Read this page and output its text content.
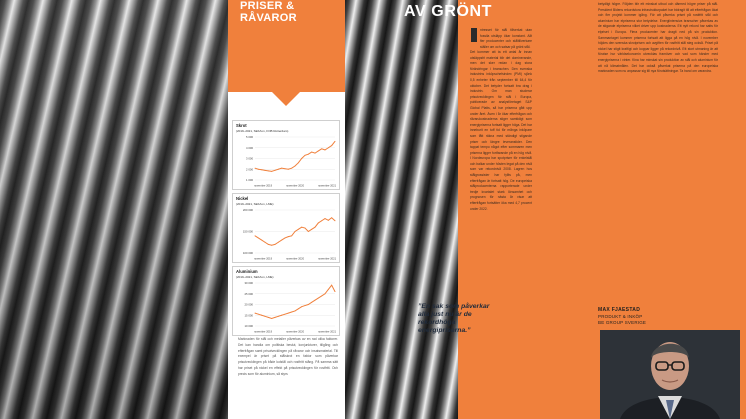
PRISER &
RÅVAROR
Skrot
(2019–2021, SEK/ton, FOB Rotterdam)
5 000
4 000
3 000
2 000
1 000
november 2019	november 2020	november 2021
Nickel
(2019–2021, SEK/ton, LME)
200 000
150 000
100 000
november 2019	november 2020	november 2021
Aluminium
(2019–2021, SEK/ton, LME)
30 000
25 000
20 000
15 000
10 000
november 2019	november 2020	november 2021
Marknaden för stål och metaller påverkas av en rad olika faktorer. Det kan handla om politiska beslut, konjunkturer, tillgång och efterfrågan samt prisutvecklingen på råvaror och insatsmaterial. Till exempel är priset på stålskrot en faktor som påverkar prisutvecklingen på både kolstål och rostfritt stång. På samma sätt har priset på nickel en effekt på prisutvecklingen för rostfritt. Och precis som för aluminium, så styrs
AV GRÖNT
ntresset för stål tillverkat utan fossila utsläpp ökar konstant. Allt fler producenter och ståltillverkare ställer om och satsar på grönt stål.
Det kommer att ta ett antal år innan utsläppsfri material blir det dominerande, men det sker redan i dag stora förändringar i branschen. Den svenska industrins inköpschefsindex (PMI) sjönk 0,5 enheter från september till 64,4 för oktober. Det betyder fortsatt bra drag i industrin. Om man studerar prisutvecklingen för stål i Europa, publicerade av analysföretaget S&P Global Platts, så har priserna gått upp under året. Även i år ökar efterfrågan och råvarukostnaderna stiger samtidigt som energipriserna fortsatt ligger höga. Det har inneburit en tuff tid för många inköpare som fått räkna med ständigt stigande priser och längre leveranstider. Den tappat tempo något efter sommaren men priserna ligger fortfarande på en hög nivå. I Nordeuropa har spotpriser för enkelstål och balkar under hösten legat på den nivå som var rekordnivå 2008. Lagren hos stålgrossister har fyllts på, men efterfrågan är fortsatt hög. De europeiska stålproducenterna rapporterade under tredje kvartalet stark lönsamhet och prognosen för nästa år visar att efterfrågan fortsätter öka med 4,7 procent under 2022.
betydligt högre. Följden blir ett minskat utbud och därmed högre priser på stål. President Bidens rekordstora infrastrukturpaket har bidragit till att efterfrågan ökat och fler projekt kommer igång. För att påverka priset på rostfritt stål och aluminium har elpriserna stor betydelse. Energiintensiva branscher påverkas av de stigande elpriserna vilket driver upp kostnaderna. Ett nytt rekord har satts för elpriset i Europa. Flera producenter har dragit ned på sin produktion. Sammantaget kommer priserna fortsatt att ligga på en hög nivå. I november höjdes den svenska skrotprisen och avgiften för rostfritt stål steg också. Priset på nickel har stigit kraftigt och koppar ligger på rekordnivå. Ett stort utmaning är att förutse hur världsekonomin utvecklas framöver och vad som händer med energipriserna i vinter. Kina har minskat sin produktion av stål och aluminium för att nå klimatmålen. Det har också påverkat priserna på den europeiska marknaden som nu anpassar sig till nya förutsättningar. Ta hand om varandra.
”En sak som påverkar alla just nu är de rekordhöga energipriserna.”
MAX FJAESTAD
PRODUKT & INKÖP
BE GROUP SVERIGE
